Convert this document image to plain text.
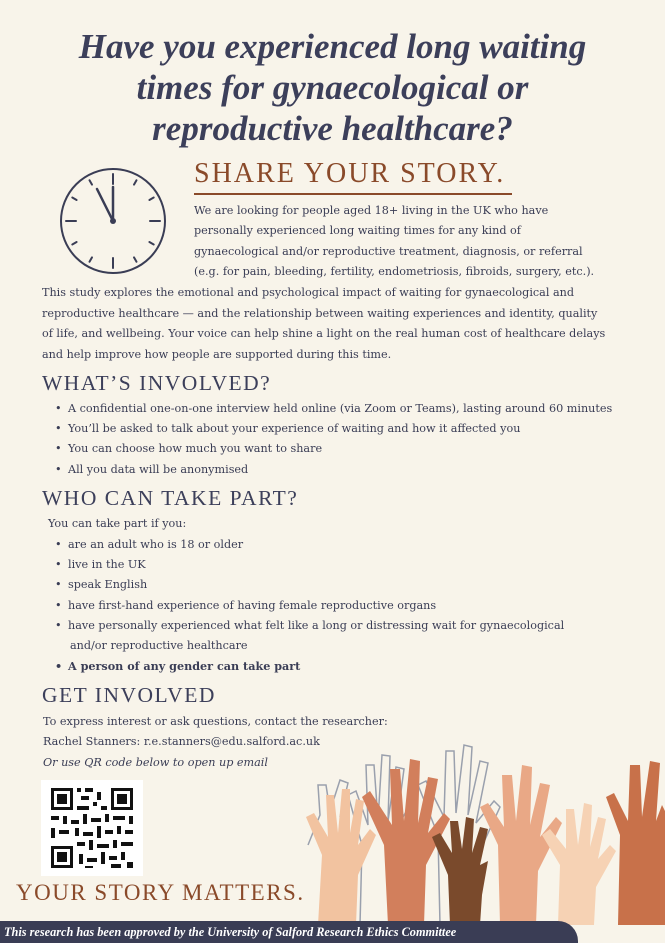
Have you experienced long waiting
times for gynaecological or
reproductive healthcare?
SHARE YOUR STORY.

We are looking for people aged 18+ living in the UK who have
personally experienced long waiting times for any kind of
gynaecological and/or reproductive treatment, diagnosis, or referral
(e.g. for pain, bleeding, fertility, endometriosis, fibroids, surgery, etc.).

This study explores the emotional and psychological impact of waiting for gynaecological and
reproductive healthcare — and the relationship between waiting experiences and identity, quality
of life, and wellbeing. Your voice can help shine a light on the real human cost of healthcare delays
and help improve how people are supported during this time.

WHAT’S INVOLVED?
• A confidential one-on-one interview held online (via Zoom or Teams), lasting around 60 minutes
• You’ll be asked to talk about your experience of waiting and how it affected you
• You can choose how much you want to share
• All you data will be anonymised
WHO CAN TAKE PART?

You can take part if you:

• are an adult who is 18 or older
• live in the UK
• speak English
• have first-hand experience of having female reproductive organs
• have personally experienced what felt like a long or distressing wait for gynaecological
and/or reproductive healthcare
• A person of any gender can take part
GET INVOLVED

To express interest or ask questions, contact the researcher:

Rachel Stanners: r.e.stanners@edu.salford.ac.uk

Or use QR code below to open up email

YOUR STORY MATTERS.
This research has been approved by the University of Salford Research Ethics Committee
